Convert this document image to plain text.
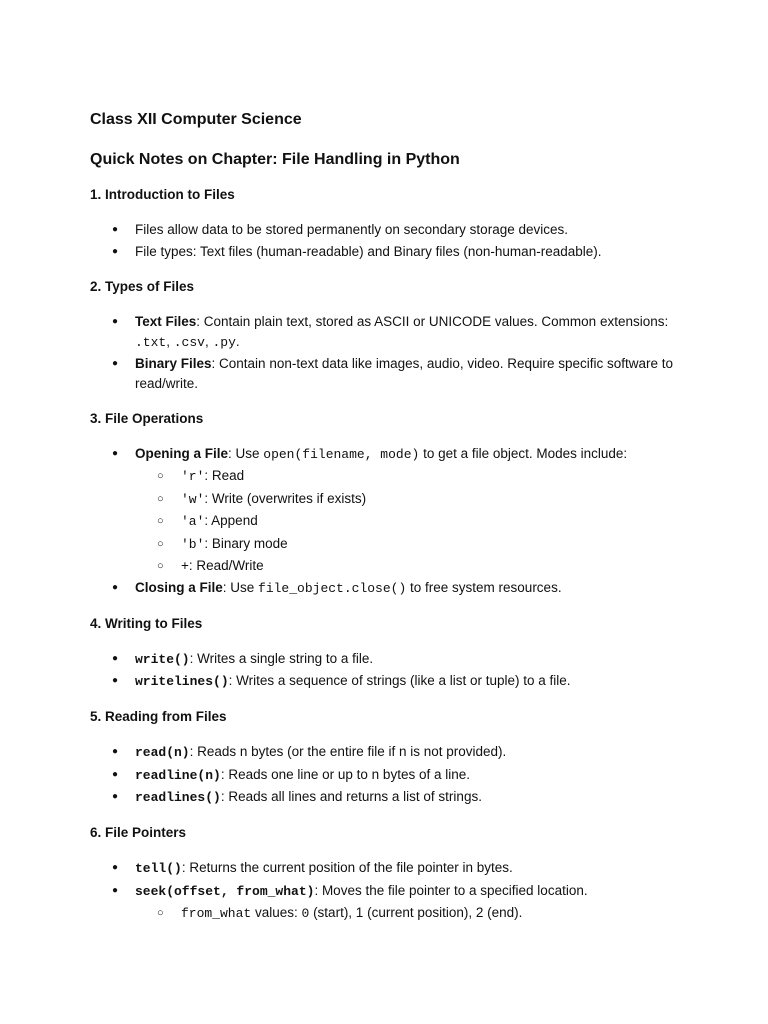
Class XII Computer Science
Quick Notes on Chapter: File Handling in Python
1. Introduction to Files
● Files allow data to be stored permanently on secondary storage devices.
● File types: Text files (human-readable) and Binary files (non-human-readable).
2. Types of Files
● Text Files: Contain plain text, stored as ASCII or UNICODE values. Common extensions: .txt, .csv, .py.
● Binary Files: Contain non-text data like images, audio, video. Require specific software to read/write.
3. File Operations
● Opening a File: Use open(filename, mode) to get a file object. Modes include:
○ 'r': Read
○ 'w': Write (overwrites if exists)
○ 'a': Append
○ 'b': Binary mode
○ +: Read/Write
● Closing a File: Use file_object.close() to free system resources.
4. Writing to Files
● write(): Writes a single string to a file.
● writelines(): Writes a sequence of strings (like a list or tuple) to a file.
5. Reading from Files
● read(n): Reads n bytes (or the entire file if n is not provided).
● readline(n): Reads one line or up to n bytes of a line.
● readlines(): Reads all lines and returns a list of strings.
6. File Pointers
● tell(): Returns the current position of the file pointer in bytes.
● seek(offset, from_what): Moves the file pointer to a specified location.
○ from_what values: 0 (start), 1 (current position), 2 (end).
